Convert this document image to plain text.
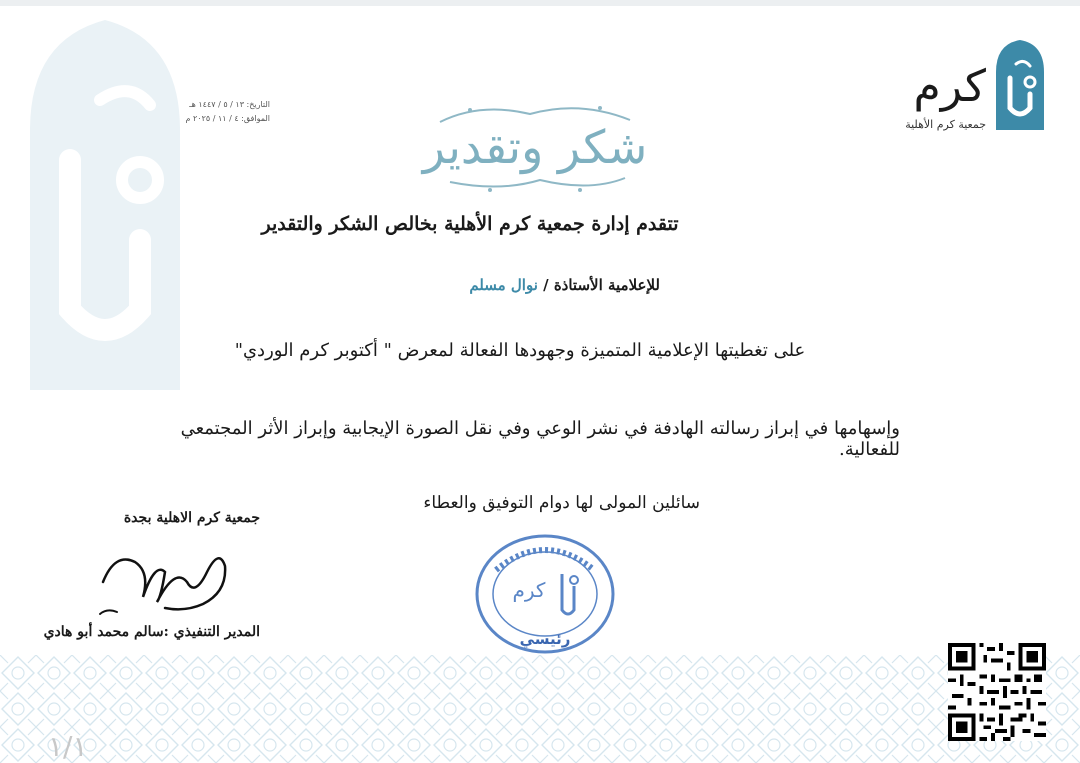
التاريخ: ١٣ / ٥ / ١٤٤٧ هـ
الموافق: ٤ / ١١ / ٢٠٢٥ م
كرم
جمعية كرم الأهلية
شكر وتقدير
تتقدم إدارة جمعية كرم الأهلية بخالص الشكر والتقدير
للإعلامية الأستاذة / نوال مسلم
على تغطيتها الإعلامية المتميزة وجهودها الفعالة لمعرض " أكتوبر كرم الوردي"
وإسهامها في إبراز رسالته الهادفة في نشر الوعي وفي نقل الصورة الإيجابية وإبراز الأثر المجتمعي للفعالية.
سائلين المولى لها دوام التوفيق والعطاء
جمعية كرم الاهلية بجدة
المدير التنفيذي :سالم محمد أبو هادي
كرم
رئيسي
١/١
